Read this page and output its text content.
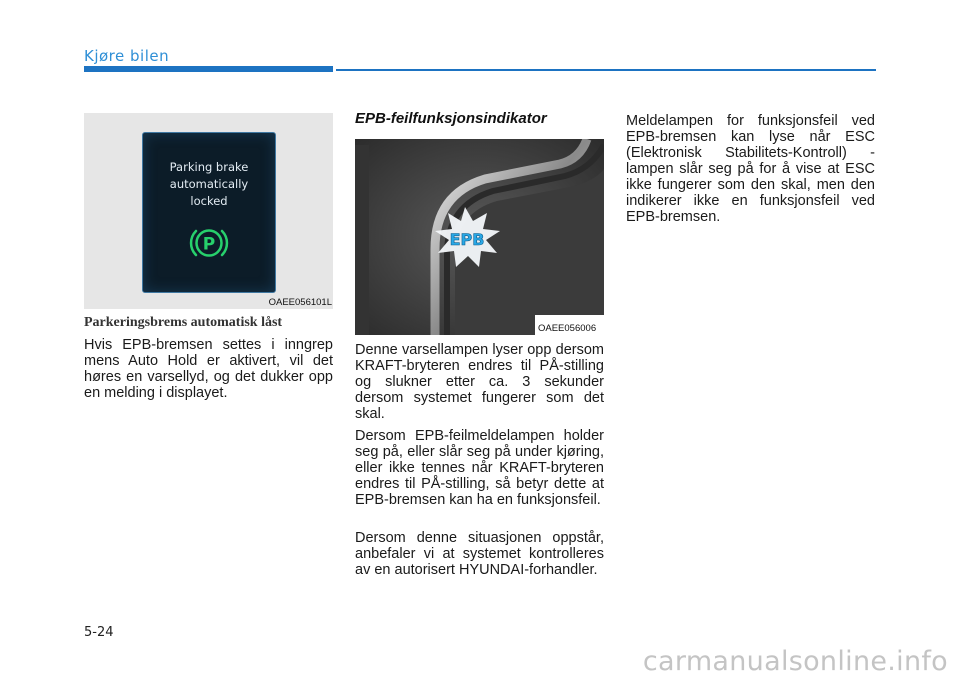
Kjøre bilen
Parking brake
automatically
locked
P
OAEE056101L
Parkeringsbrems automatisk låst

Hvis EPB-bremsen settes i inngrep mens Auto Hold er aktivert, vil det høres en varsellyd, og det dukker opp en melding i displayet.

EPB-feilfunksjonsindikator
EPB
OAEE056006

Denne varsellampen lyser opp dersom KRAFT-bryteren endres til PÅ-stilling og slukner etter ca. 3 sekunder dersom systemet fungerer som det skal.

Dersom EPB-feilmeldelampen holder seg på, eller slår seg på under kjøring, eller ikke tennes når KRAFT-bryteren endres til PÅ-stilling, så betyr dette at EPB-bremsen kan ha en funksjonsfeil.

Dersom denne situasjonen oppstår, anbefaler vi at systemet kontrolleres av en autorisert HYUNDAI-forhandler.

Meldelampen for funksjonsfeil ved EPB-bremsen kan lyse når ESC (Elektronisk Stabilitets-Kontroll) -lampen slår seg på for å vise at ESC ikke fungerer som den skal, men den indikerer ikke en funksjonsfeil ved EPB-bremsen.

5-24
carmanualsonline.info
